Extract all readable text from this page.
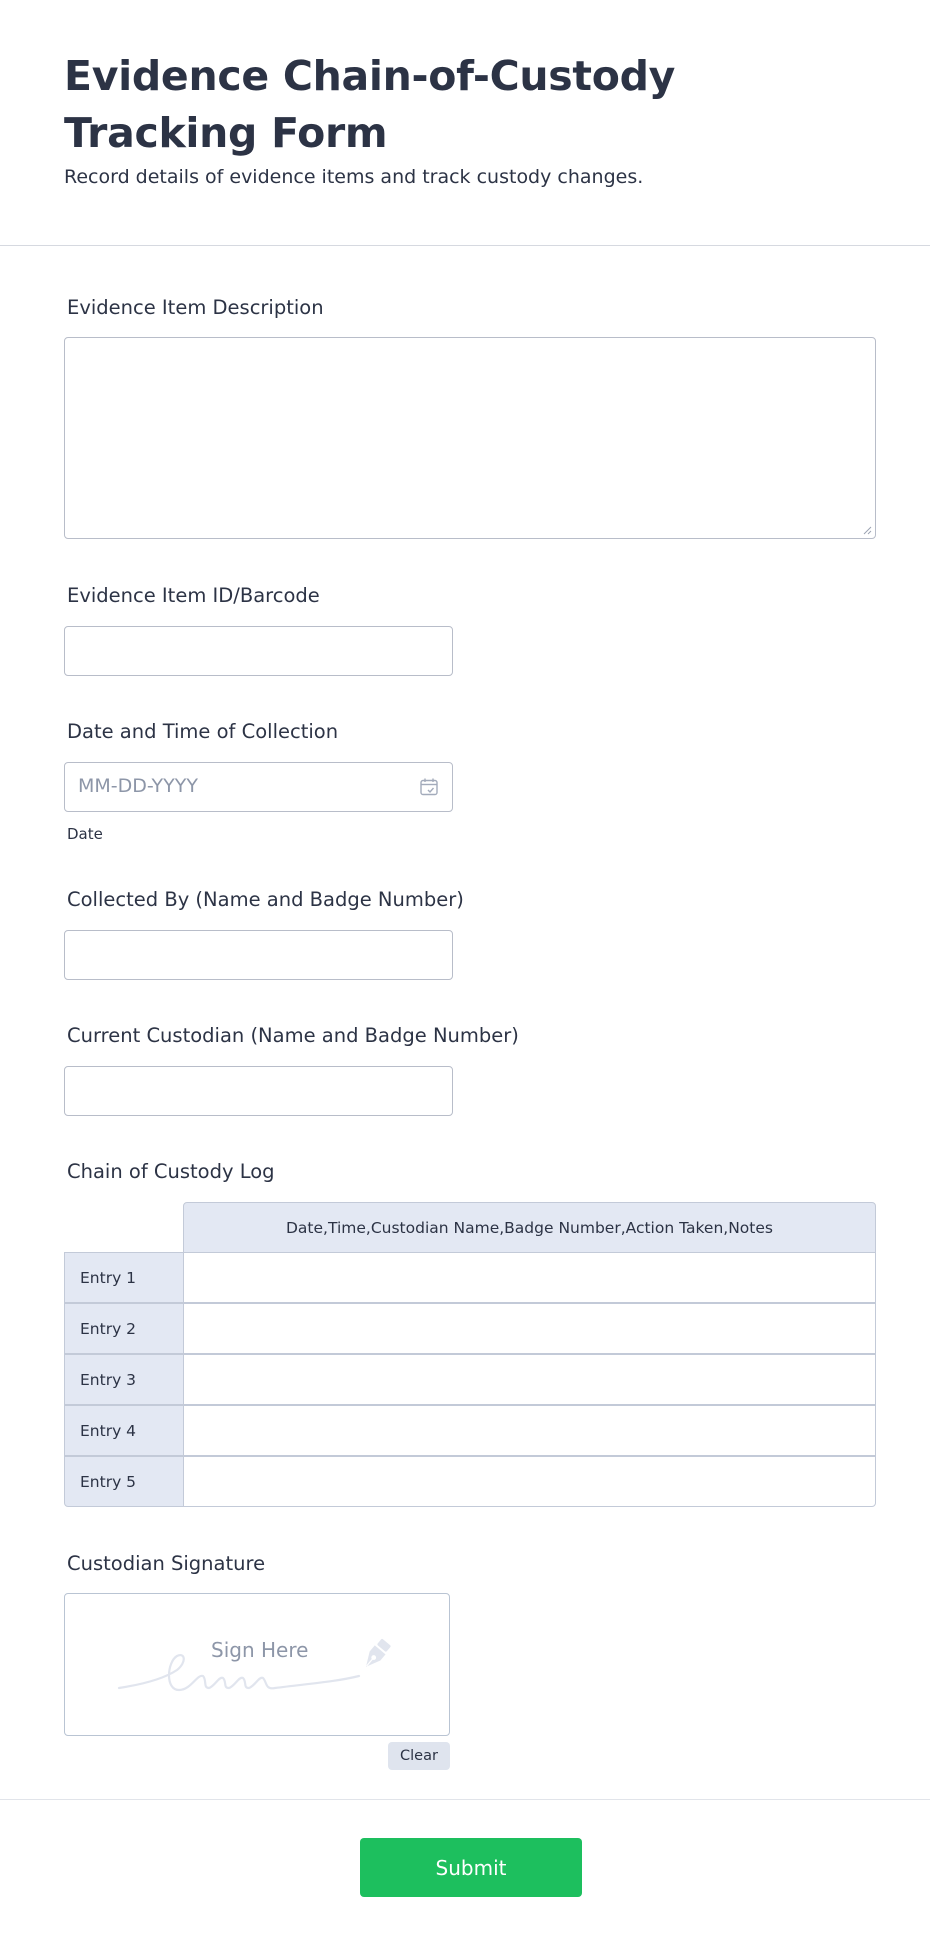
Evidence Chain-of-Custody Tracking Form
Record details of evidence items and track custody changes.
Evidence Item Description
Evidence Item ID/Barcode
Date and Time of Collection
MM-DD-YYYY
Date
Collected By (Name and Badge Number)
Current Custodian (Name and Badge Number)
Chain of Custody Log
Date,Time,Custodian Name,Badge Number,Action Taken,Notes
Entry 1
Entry 2
Entry 3
Entry 4
Entry 5
Custodian Signature
Sign Here
Clear
Submit
